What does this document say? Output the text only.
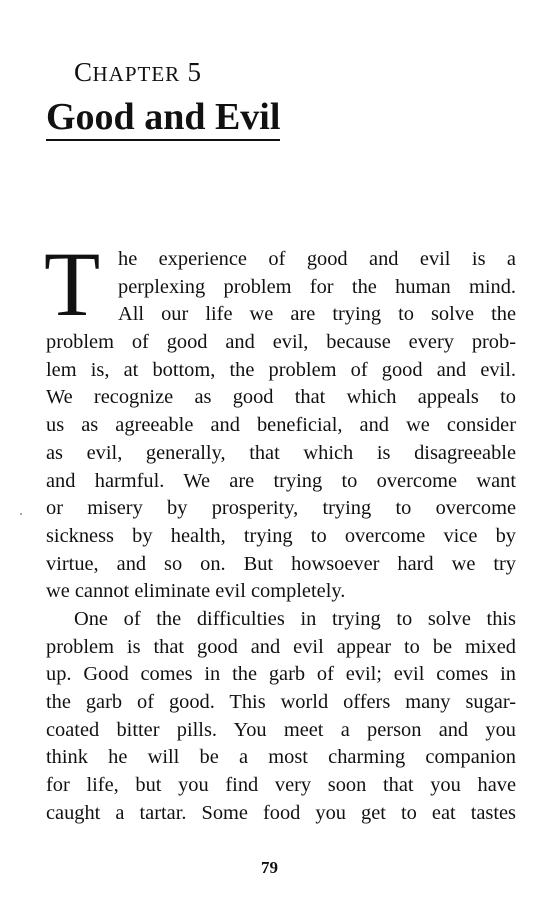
CHAPTER 5
Good and Evil
T he experience of good and evil is a
perplexing problem for the human mind.
All our life we are trying to solve the
problem of good and evil, because every prob-
lem is, at bottom, the problem of good and evil.
We recognize as good that which appeals to
us as agreeable and beneficial, and we consider
as evil, generally, that which is disagreeable
and harmful. We are trying to overcome want
or misery by prosperity, trying to overcome
sickness by health, trying to overcome vice by
virtue, and so on. But howsoever hard we try
we cannot eliminate evil completely.
One of the difficulties in trying to solve this
problem is that good and evil appear to be mixed
up. Good comes in the garb of evil; evil comes in
the garb of good. This world offers many sugar-
coated bitter pills. You meet a person and you
think he will be a most charming companion
for life, but you find very soon that you have
caught a tartar. Some food you get to eat tastes
79
